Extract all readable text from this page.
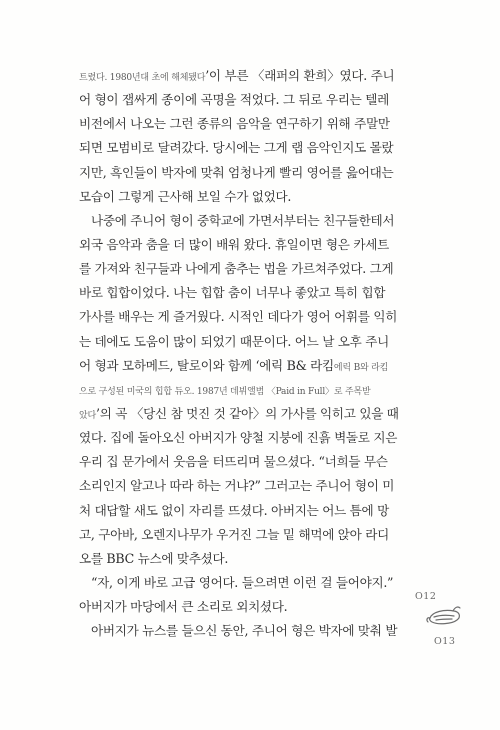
트렸다. 1980년대 초에 해체됐다’이 부른 〈래퍼의 환희〉였다. 주니
어 형이 잽싸게 종이에 곡명을 적었다. 그 뒤로 우리는 텔레
비전에서 나오는 그런 종류의 음악을 연구하기 위해 주말만
되면 모범비로 달려갔다. 당시에는 그게 랩 음악인지도 몰랐
지만, 흑인들이 박자에 맞춰 엄청나게 빨리 영어를 읊어대는
모습이 그렇게 근사해 보일 수가 없었다.
나중에 주니어 형이 중학교에 가면서부터는 친구들한테서
외국 음악과 춤을 더 많이 배워 왔다. 휴일이면 형은 카세트
를 가져와 친구들과 나에게 춤추는 법을 가르쳐주었다. 그게
바로 힙합이었다. 나는 힙합 춤이 너무나 좋았고 특히 힙합
가사를 배우는 게 즐거웠다. 시적인 데다가 영어 어휘를 익히
는 데에도 도움이 많이 되었기 때문이다. 어느 날 오후 주니
어 형과 모하메드, 탈로이와 함께 ‘에릭 B& 라킴에릭 B와 라킴
으로 구성된 미국의 힙합 듀오. 1987년 데뷔앨범 〈Paid in Full〉로 주목받
았다’의 곡 〈당신 참 멋진 것 같아〉의 가사를 익히고 있을 때
였다. 집에 돌아오신 아버지가 양철 지붕에 진흙 벽돌로 지은
우리 집 문가에서 웃음을 터뜨리며 물으셨다. “너희들 무슨
소리인지 알고나 따라 하는 거냐?” 그러고는 주니어 형이 미
처 대답할 새도 없이 자리를 뜨셨다. 아버지는 어느 틈에 망
고, 구아바, 오렌지나무가 우거진 그늘 밑 해먹에 앉아 라디
오를 BBC 뉴스에 맞추셨다.
“자, 이게 바로 고급 영어다. 들으려면 이런 걸 들어야지.”
아버지가 마당에서 큰 소리로 외치셨다.
아버지가 뉴스를 들으신 동안, 주니어 형은 박자에 맞춰 발
O12
O13
